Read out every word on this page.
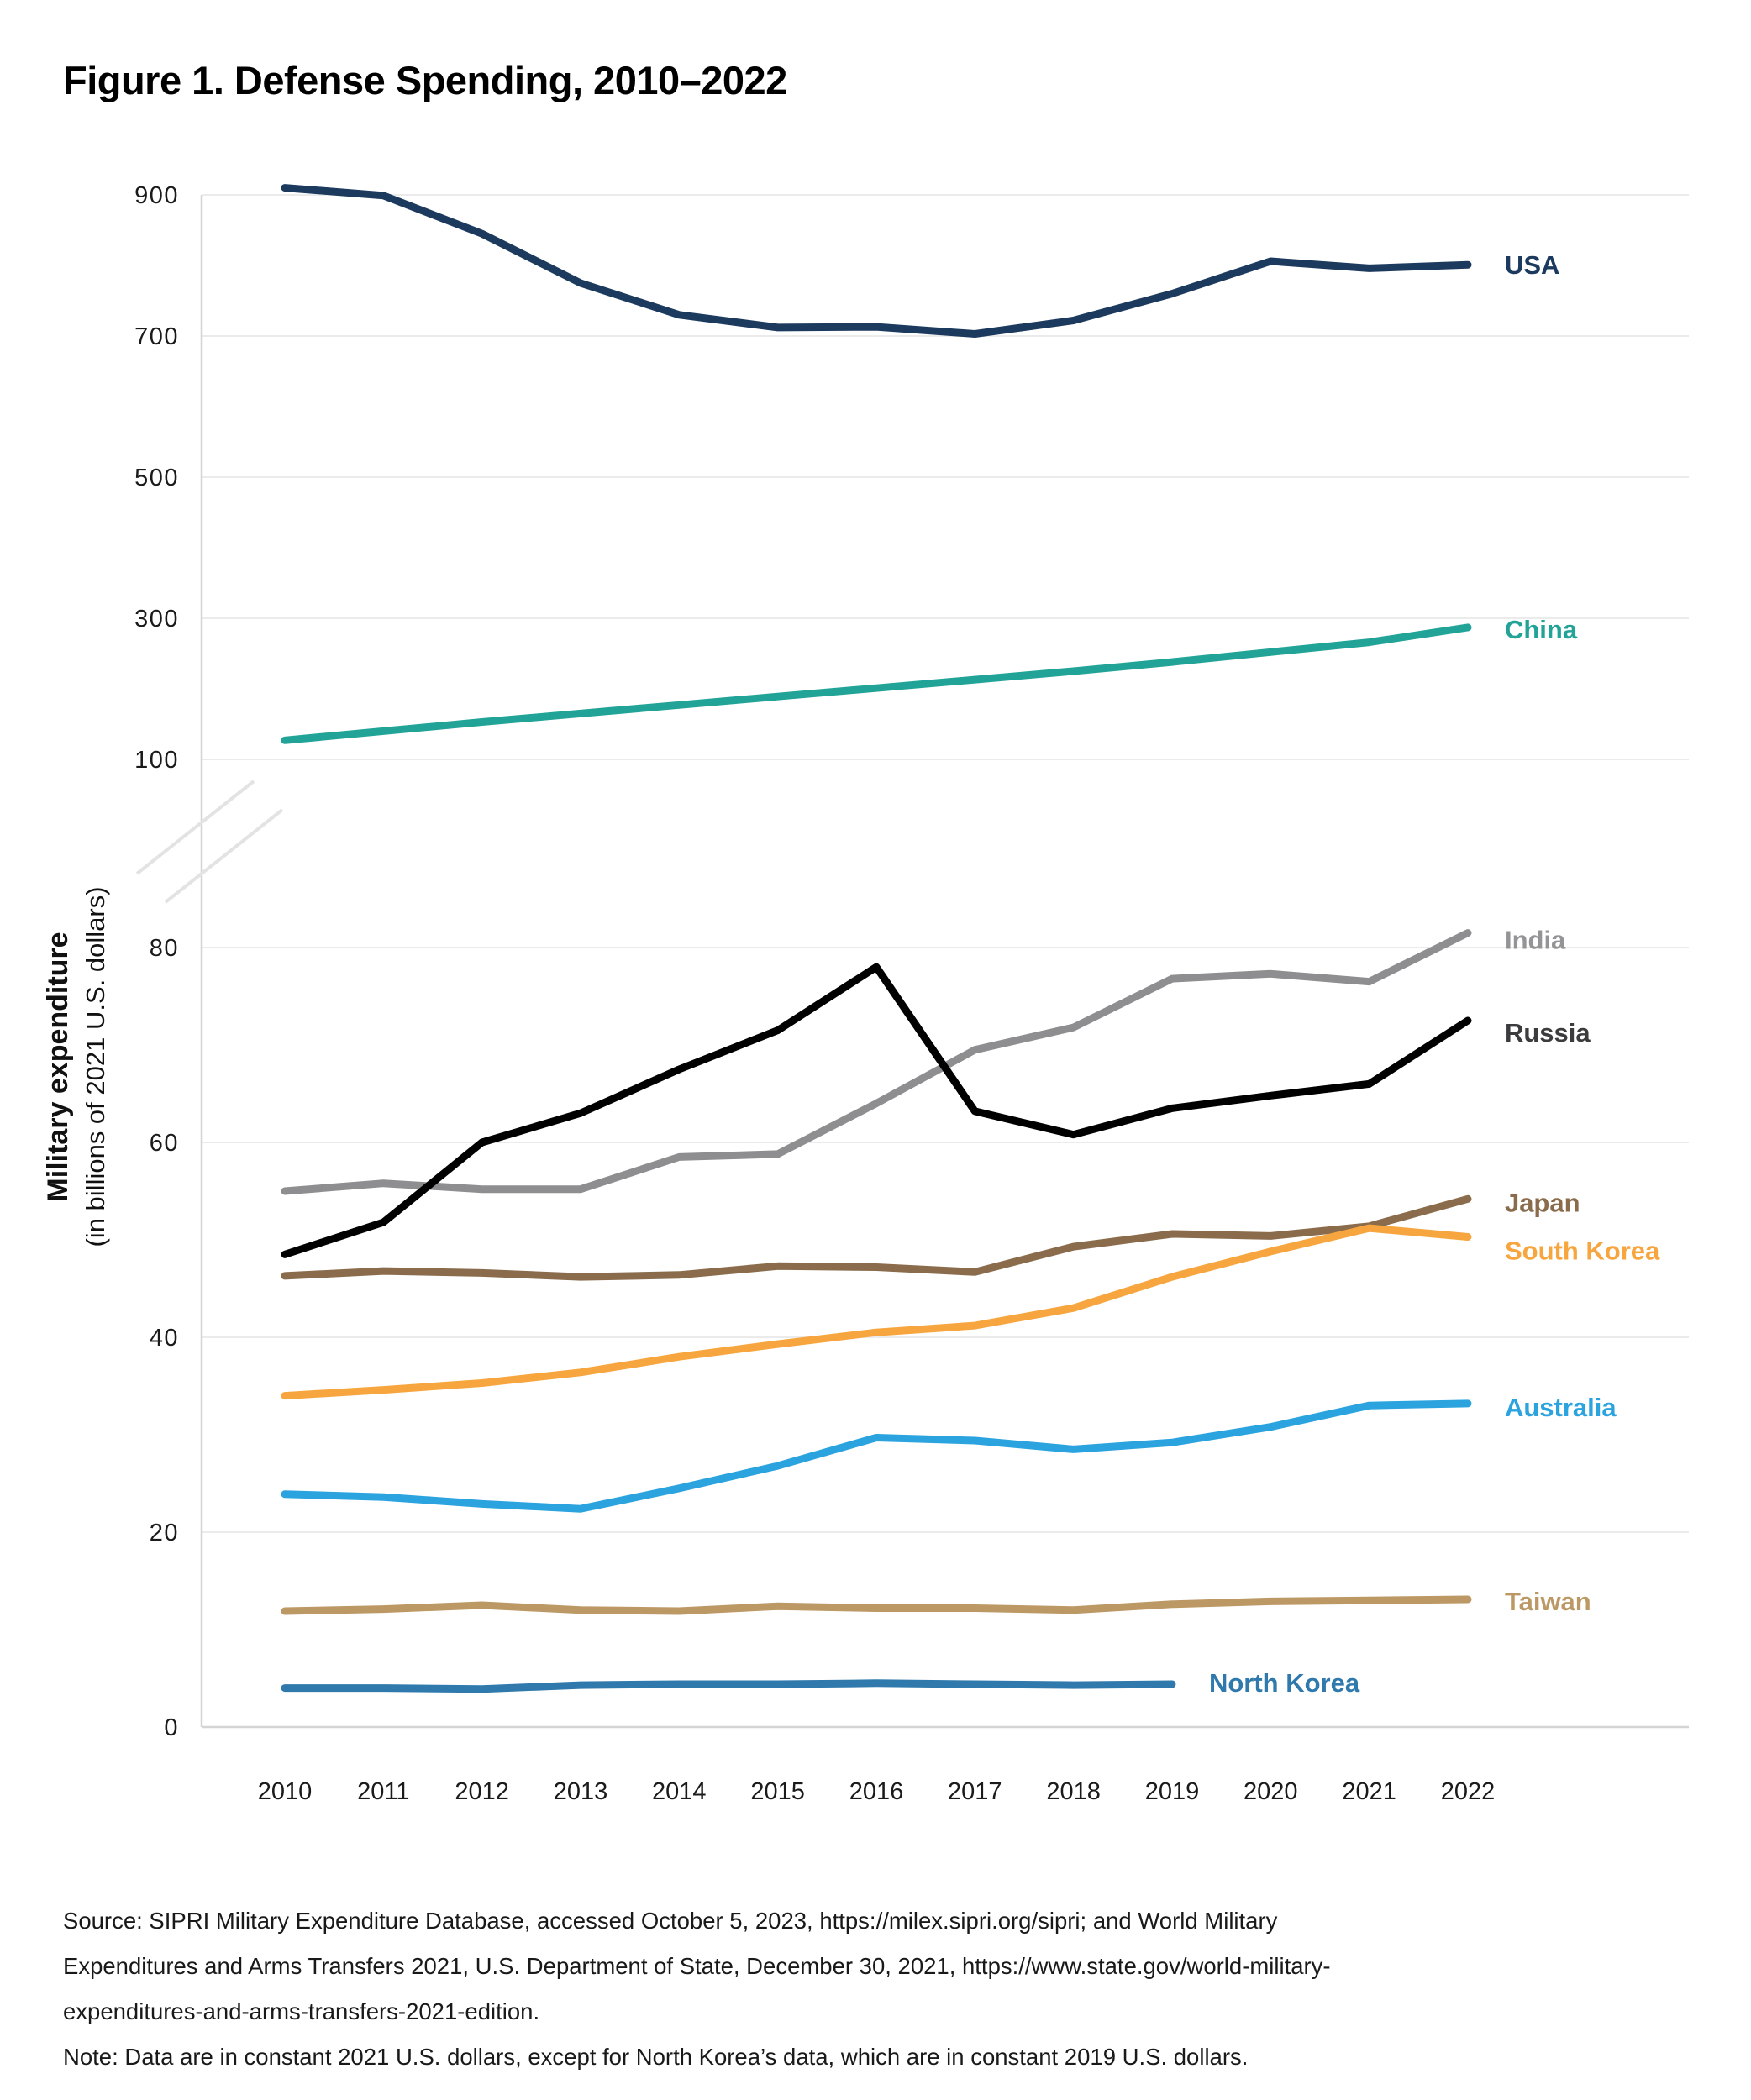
Figure 1. Defense Spending, 2010–2022
Military expenditure (in billions of 2021 U.S. dollars)
900
700
500
300
100
80
60
40
20
0
2010 2011 2012 2013 2014 2015 2016 2017 2018 2019 2020 2021 2022
USA
China
India
Russia
Japan
South Korea
Australia
Taiwan
North Korea
Source: SIPRI Military Expenditure Database, accessed October 5, 2023, https://milex.sipri.org/sipri; and World Military
Expenditures and Arms Transfers 2021, U.S. Department of State, December 30, 2021, https://www.state.gov/world-military-
expenditures-and-arms-transfers-2021-edition.
Note: Data are in constant 2021 U.S. dollars, except for North Korea’s data, which are in constant 2019 U.S. dollars.
